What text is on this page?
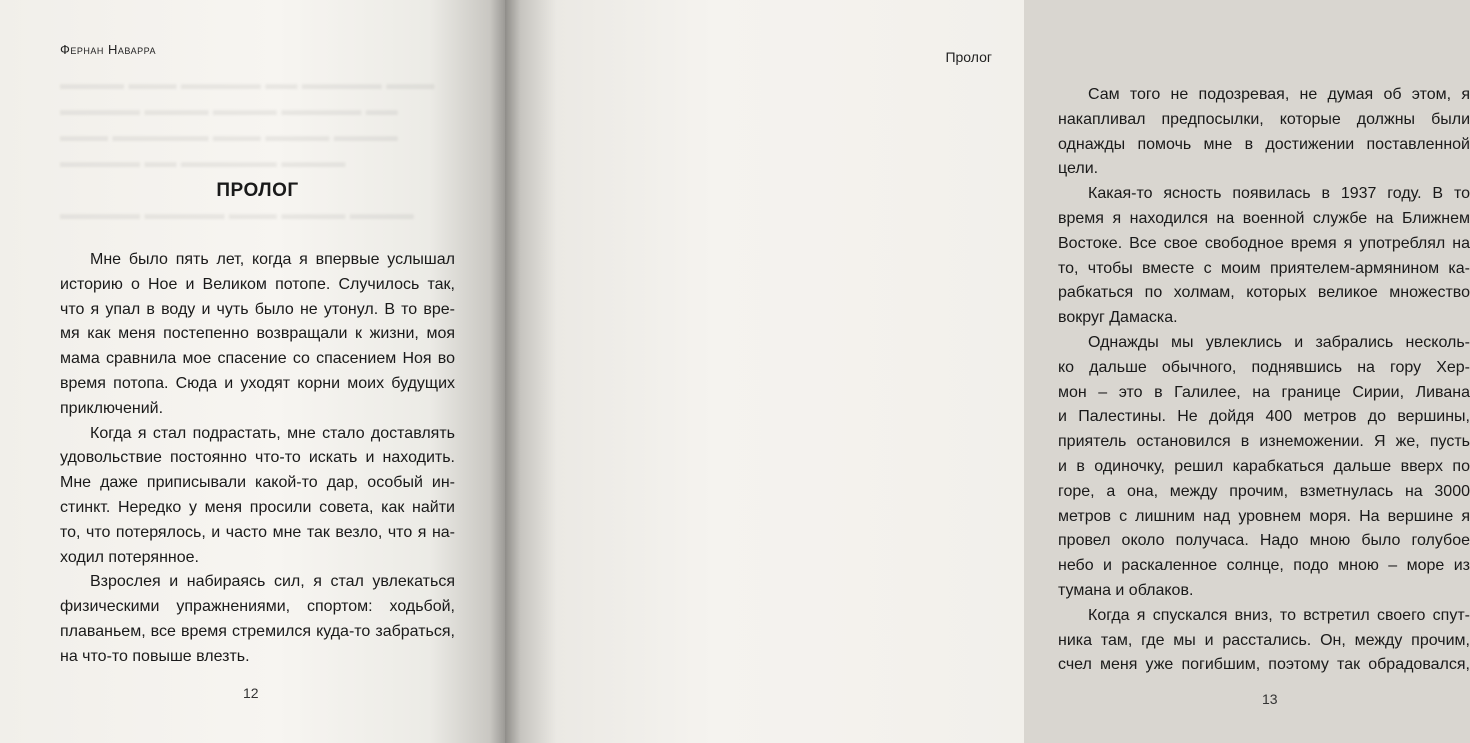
▬▬▬▬ ▬▬▬ ▬▬▬▬▬ ▬▬ ▬▬▬▬▬ ▬▬▬
▬▬▬▬▬ ▬▬▬▬ ▬▬▬▬ ▬▬▬▬▬ ▬▬
▬▬▬ ▬▬▬▬▬▬ ▬▬▬ ▬▬▬▬ ▬▬▬▬
▬▬▬▬▬ ▬▬ ▬▬▬▬▬▬ ▬▬▬▬

▬▬▬▬▬ ▬▬▬▬▬ ▬▬▬ ▬▬▬▬ ▬▬▬▬
Фернан Наварра
ПРОЛОГ
Мне было пять лет, когда я впервые услышал
историю о Ное и Великом потопе. Случилось так,
что я упал в воду и чуть было не утонул. В то вре-
мя как меня постепенно возвращали к жизни, моя
мама сравнила мое спасение со спасением Ноя во
время потопа. Сюда и уходят корни моих будущих
приключений.
Когда я стал подрастать, мне стало доставлять
удовольствие постоянно что-то искать и находить.
Мне даже приписывали какой-то дар, особый ин-
стинкт. Нередко у меня просили совета, как найти
то, что потерялось, и часто мне так везло, что я на-
ходил потерянное.
Взрослея и набираясь сил, я стал увлекаться
физическими упражнениями, спортом: ходьбой,
плаваньем, все время стремился куда-то забраться,
на что-то повыше влезть.
12
Пролог
Сам того не подозревая, не думая об этом, я
накапливал предпосылки, которые должны были
однажды помочь мне в достижении поставленной
цели.
Какая-то ясность появилась в 1937 году. В то
время я находился на военной службе на Ближнем
Востоке. Все свое свободное время я употреблял на
то, чтобы вместе с моим приятелем-армянином ка-
рабкаться по холмам, которых великое множество
вокруг Дамаска.
Однажды мы увлеклись и забрались несколь-
ко дальше обычного, поднявшись на гору Хер-
мон – это в Галилее, на границе Сирии, Ливана
и Палестины. Не дойдя 400 метров до вершины,
приятель остановился в изнеможении. Я же, пусть
и в одиночку, решил карабкаться дальше вверх по
горе, а она, между прочим, взметнулась на 3000
метров с лишним над уровнем моря. На вершине я
провел около получаса. Надо мною было голубое
небо и раскаленное солнце, подо мною – море из
тумана и облаков.
Когда я спускался вниз, то встретил своего спут-
ника там, где мы и расстались. Он, между прочим,
счел меня уже погибшим, поэтому так обрадовался,
13
